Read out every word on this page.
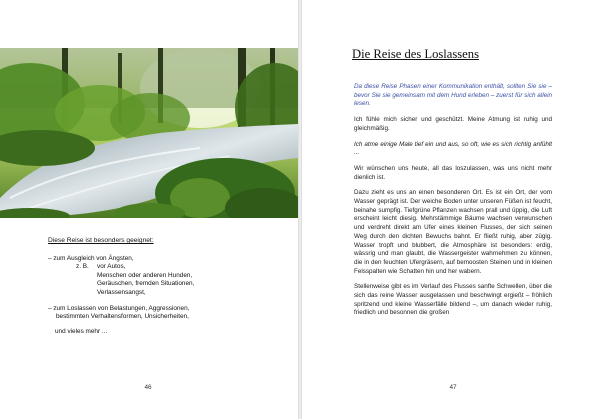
Diese Reise ist besonders geeignet:
– zum Ausgleich von Ängsten,
z. B. vor Autos,
Menschen oder anderen Hunden,
Geräuschen, fremden Situationen,
Verlassensangst,
– zum Loslassen von Belastungen, Aggressionen,
bestimmten Verhaltensformen, Unsicherheiten,
und vieles mehr ...
46
Die Reise des Loslassens

Da diese Reise Phasen einer Kommunikation enthält, sollten Sie sie – bevor Sie sie gemeinsam mit dem Hund erleben – zuerst für sich allein lesen.

Ich fühle mich sicher und geschützt. Meine Atmung ist ruhig und gleichmäßig.

Ich atme einige Male tief ein und aus, so oft, wie es sich richtig anfühlt ...

Wir wünschen uns heute, all das loszulassen, was uns nicht mehr dienlich ist.

Dazu zieht es uns an einen besonderen Ort. Es ist ein Ort, der vom Wasser geprägt ist. Der weiche Boden unter unseren Füßen ist feucht, beinahe sumpfig. Tiefgrüne Pflanzen wachsen prall und üppig, die Luft erscheint leicht diesig. Mehrstämmige Bäume wachsen verwunschen und verdreht direkt am Ufer eines kleinen Flusses, der sich seinen Weg durch den dichten Bewuchs bahnt. Er fließt ruhig, aber zügig. Wasser tropft und blubbert, die Atmosphäre ist besonders: erdig, wässrig und man glaubt, die Wassergeister wahrnehmen zu können, die in den feuchten Ufergräsern, auf bemoosten Steinen und in kleinen Felsspalten wie Schatten hin und her wabern.

Stellenweise gibt es im Verlauf des Flusses sanfte Schwellen, über die sich das reine Wasser ausgelassen und beschwingt ergießt – fröhlich spritzend und kleine Wasserfälle bildend –, um danach wieder ruhig, friedlich und besonnen die großen

47
